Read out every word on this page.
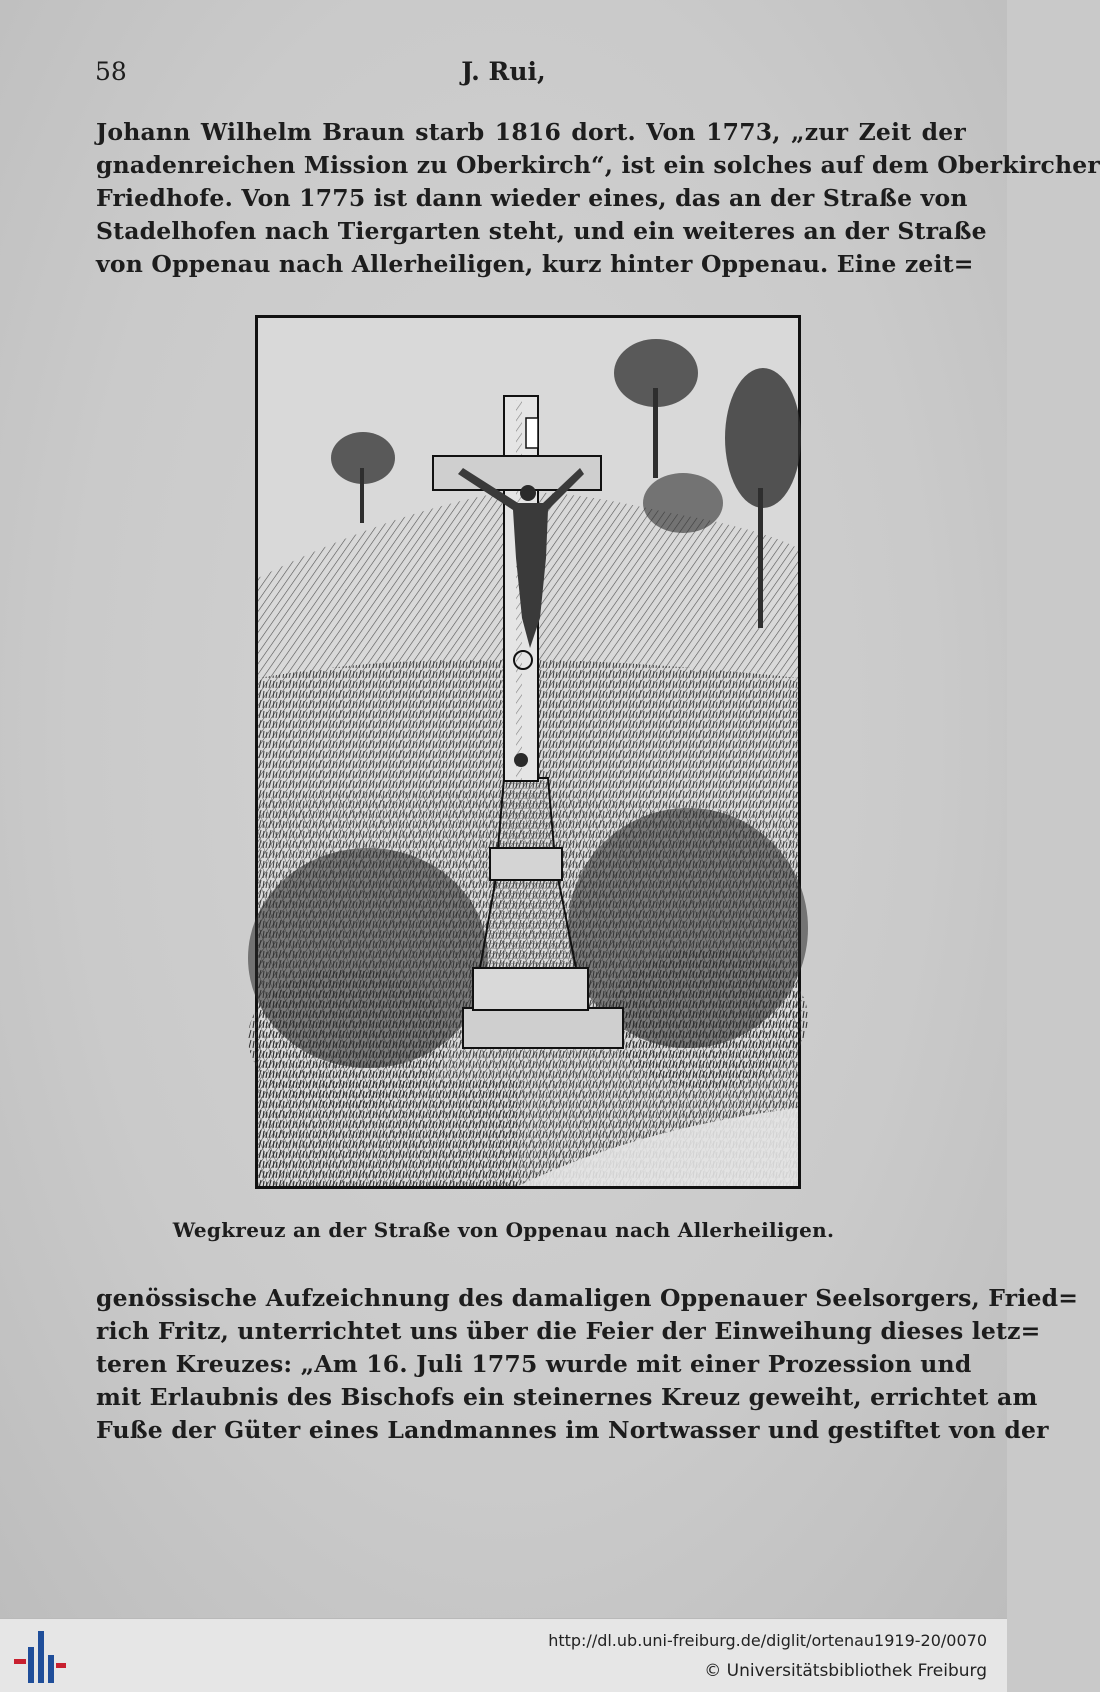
58	J. Rui,
Johann Wilhelm Braun starb 1816 dort. Von 1773, „zur Zeit der
gnadenreichen Mission zu Oberkirch“, ist ein solches auf dem Oberkircher
Friedhofe. Von 1775 ist dann wieder eines, das an der Straße von
Stadelhofen nach Tiergarten steht, und ein weiteres an der Straße
von Oppenau nach Allerheiligen, kurz hinter Oppenau. Eine zeit=
Wegkreuz an der Straße von Oppenau nach Allerheiligen.
genössische Aufzeichnung des damaligen Oppenauer Seelsorgers, Fried=
rich Fritz, unterrichtet uns über die Feier der Einweihung dieses letz=
teren Kreuzes: „Am 16. Juli 1775 wurde mit einer Prozession und
mit Erlaubnis des Bischofs ein steinernes Kreuz geweiht, errichtet am
Fuße der Güter eines Landmannes im Nortwasser und gestiftet von der
http://dl.ub.uni-freiburg.de/diglit/ortenau1919-20/0070
© Universitätsbibliothek Freiburg
